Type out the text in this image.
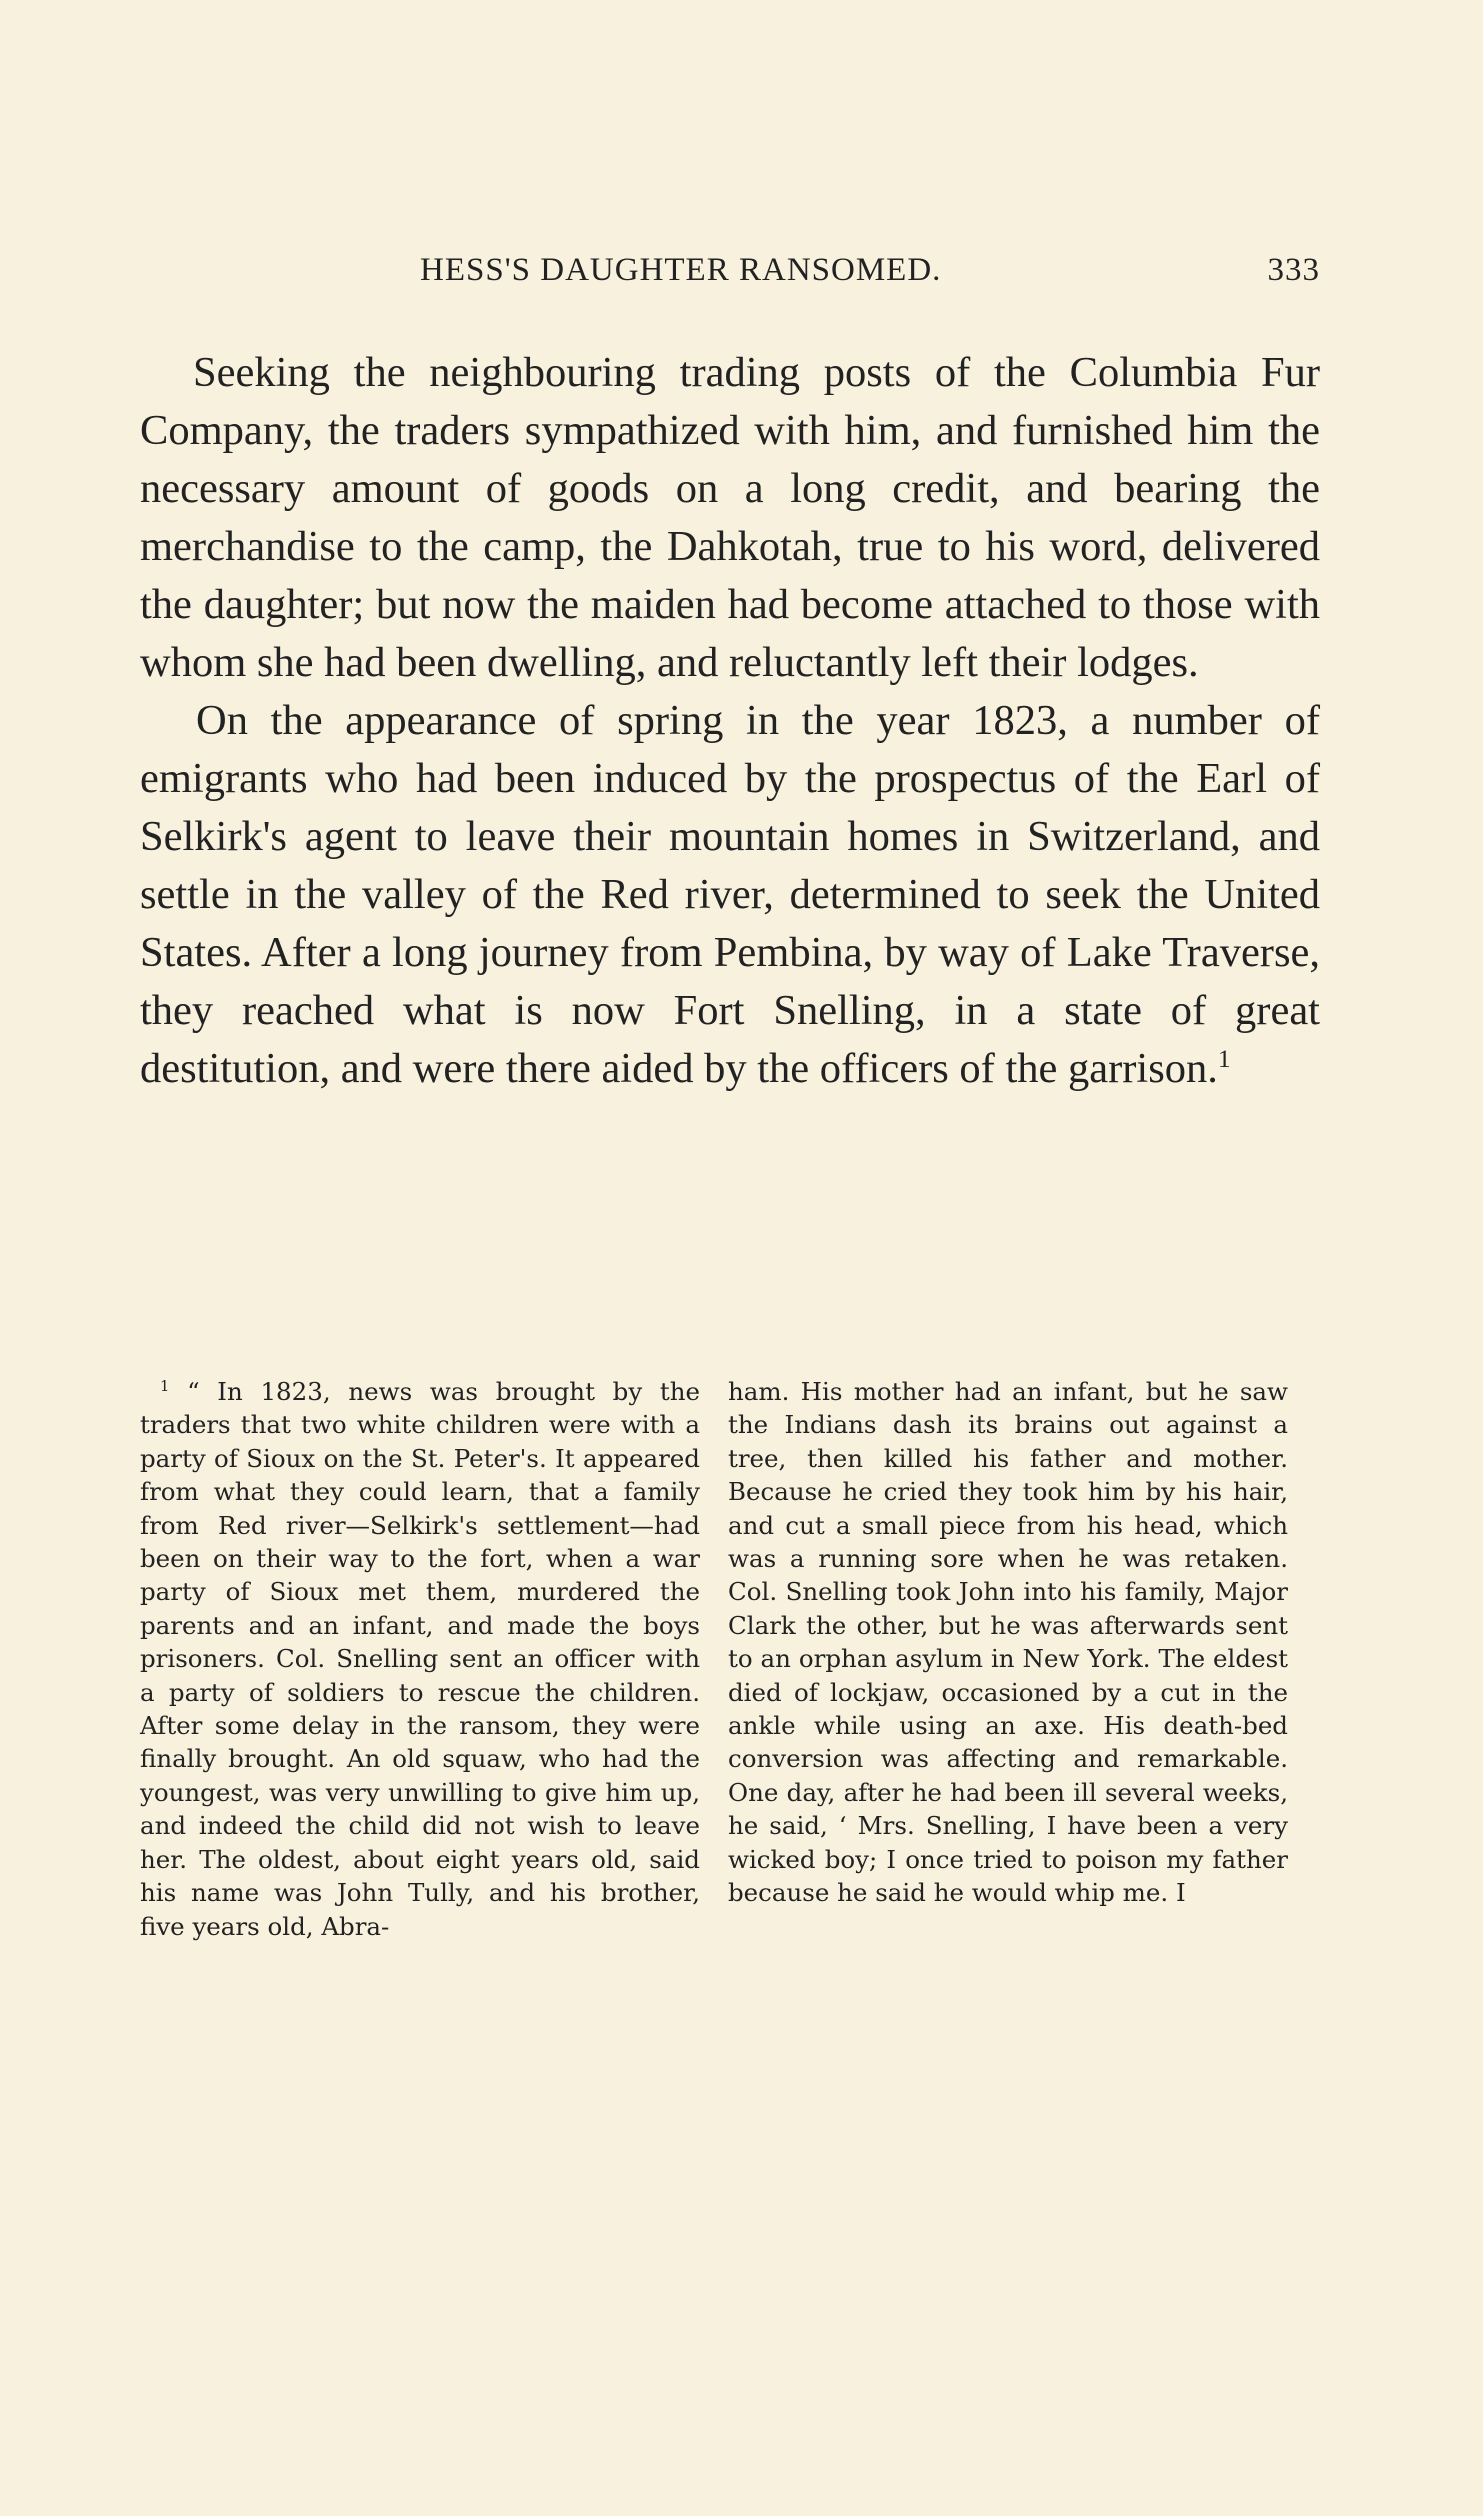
HESS'S DAUGHTER RANSOMED.	333

Seeking the neighbouring trading posts of the Columbia Fur Company, the traders sympathized with him, and furnished him the necessary amount of goods on a long credit, and bearing the merchandise to the camp, the Dahkotah, true to his word, delivered the daughter; but now the maiden had become attached to those with whom she had been dwelling, and reluctantly left their lodges.

On the appearance of spring in the year 1823, a number of emigrants who had been induced by the prospectus of the Earl of Selkirk's agent to leave their mountain homes in Switzerland, and settle in the valley of the Red river, determined to seek the United States. After a long journey from Pembina, by way of Lake Traverse, they reached what is now Fort Snelling, in a state of great destitution, and were there aided by the officers of the garrison.$^1$

$^1$ “ In 1823, news was brought by the traders that two white children were with a party of Sioux on the St. Peter's. It appeared from what they could learn, that a family from Red river—Selkirk's settlement—had been on their way to the fort, when a war party of Sioux met them, murdered the parents and an infant, and made the boys prisoners. Col. Snelling sent an officer with a party of soldiers to rescue the children. After some delay in the ransom, they were finally brought. An old squaw, who had the youngest, was very unwilling to give him up, and indeed the child did not wish to leave her. The oldest, about eight years old, said his name was John Tully, and his brother, five years old, Abra-
ham. His mother had an infant, but he saw the Indians dash its brains out against a tree, then killed his father and mother. Because he cried they took him by his hair, and cut a small piece from his head, which was a running sore when he was retaken. Col. Snelling took John into his family, Major Clark the other, but he was afterwards sent to an orphan asylum in New York. The eldest died of lockjaw, occasioned by a cut in the ankle while using an axe. His death-bed conversion was affecting and remarkable. One day, after he had been ill several weeks, he said, ‘ Mrs. Snelling, I have been a very wicked boy; I once tried to poison my father because he said he would whip me. I
